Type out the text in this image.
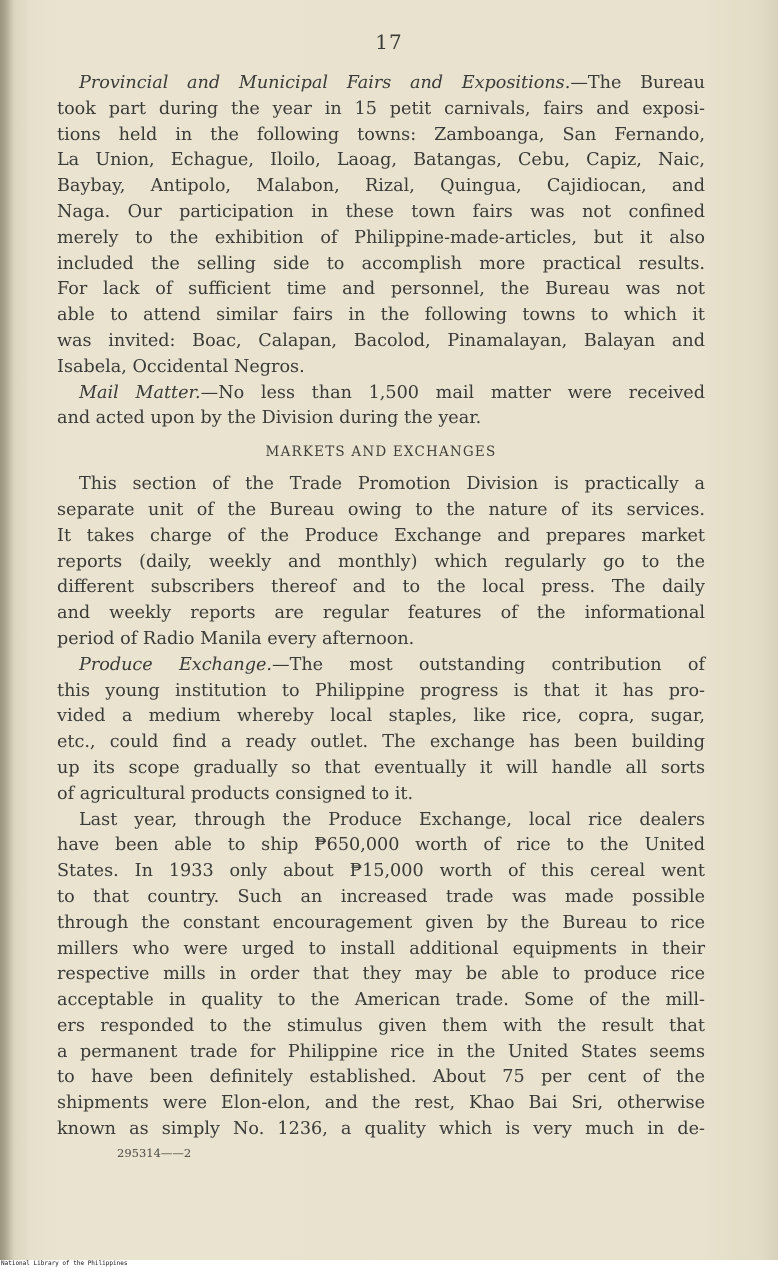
17
Provincial and Municipal Fairs and Expositions.—The Bureau
took part during the year in 15 petit carnivals, fairs and exposi-
tions held in the following towns: Zamboanga, San Fernando,
La Union, Echague, Iloilo, Laoag, Batangas, Cebu, Capiz, Naic,
Baybay, Antipolo, Malabon, Rizal, Quingua, Cajidiocan, and
Naga. Our participation in these town fairs was not confined
merely to the exhibition of Philippine-made-articles, but it also
included the selling side to accomplish more practical results.
For lack of sufficient time and personnel, the Bureau was not
able to attend similar fairs in the following towns to which it
was invited: Boac, Calapan, Bacolod, Pinamalayan, Balayan and
Isabela, Occidental Negros.
Mail Matter.—No less than 1,500 mail matter were received
and acted upon by the Division during the year.
MARKETS AND EXCHANGES
This section of the Trade Promotion Division is practically a
separate unit of the Bureau owing to the nature of its services.
It takes charge of the Produce Exchange and prepares market
reports (daily, weekly and monthly) which regularly go to the
different subscribers thereof and to the local press. The daily
and weekly reports are regular features of the informational
period of Radio Manila every afternoon.
Produce Exchange.—The most outstanding contribution of
this young institution to Philippine progress is that it has pro-
vided a medium whereby local staples, like rice, copra, sugar,
etc., could find a ready outlet. The exchange has been building
up its scope gradually so that eventually it will handle all sorts
of agricultural products consigned to it.
Last year, through the Produce Exchange, local rice dealers
have been able to ship ₱650,000 worth of rice to the United
States. In 1933 only about ₱15,000 worth of this cereal went
to that country. Such an increased trade was made possible
through the constant encouragement given by the Bureau to rice
millers who were urged to install additional equipments in their
respective mills in order that they may be able to produce rice
acceptable in quality to the American trade. Some of the mill-
ers responded to the stimulus given them with the result that
a permanent trade for Philippine rice in the United States seems
to have been definitely established. About 75 per cent of the
shipments were Elon-elon, and the rest, Khao Bai Sri, otherwise
known as simply No. 1236, a quality which is very much in de-
295314——2
National Library of the Philippines
